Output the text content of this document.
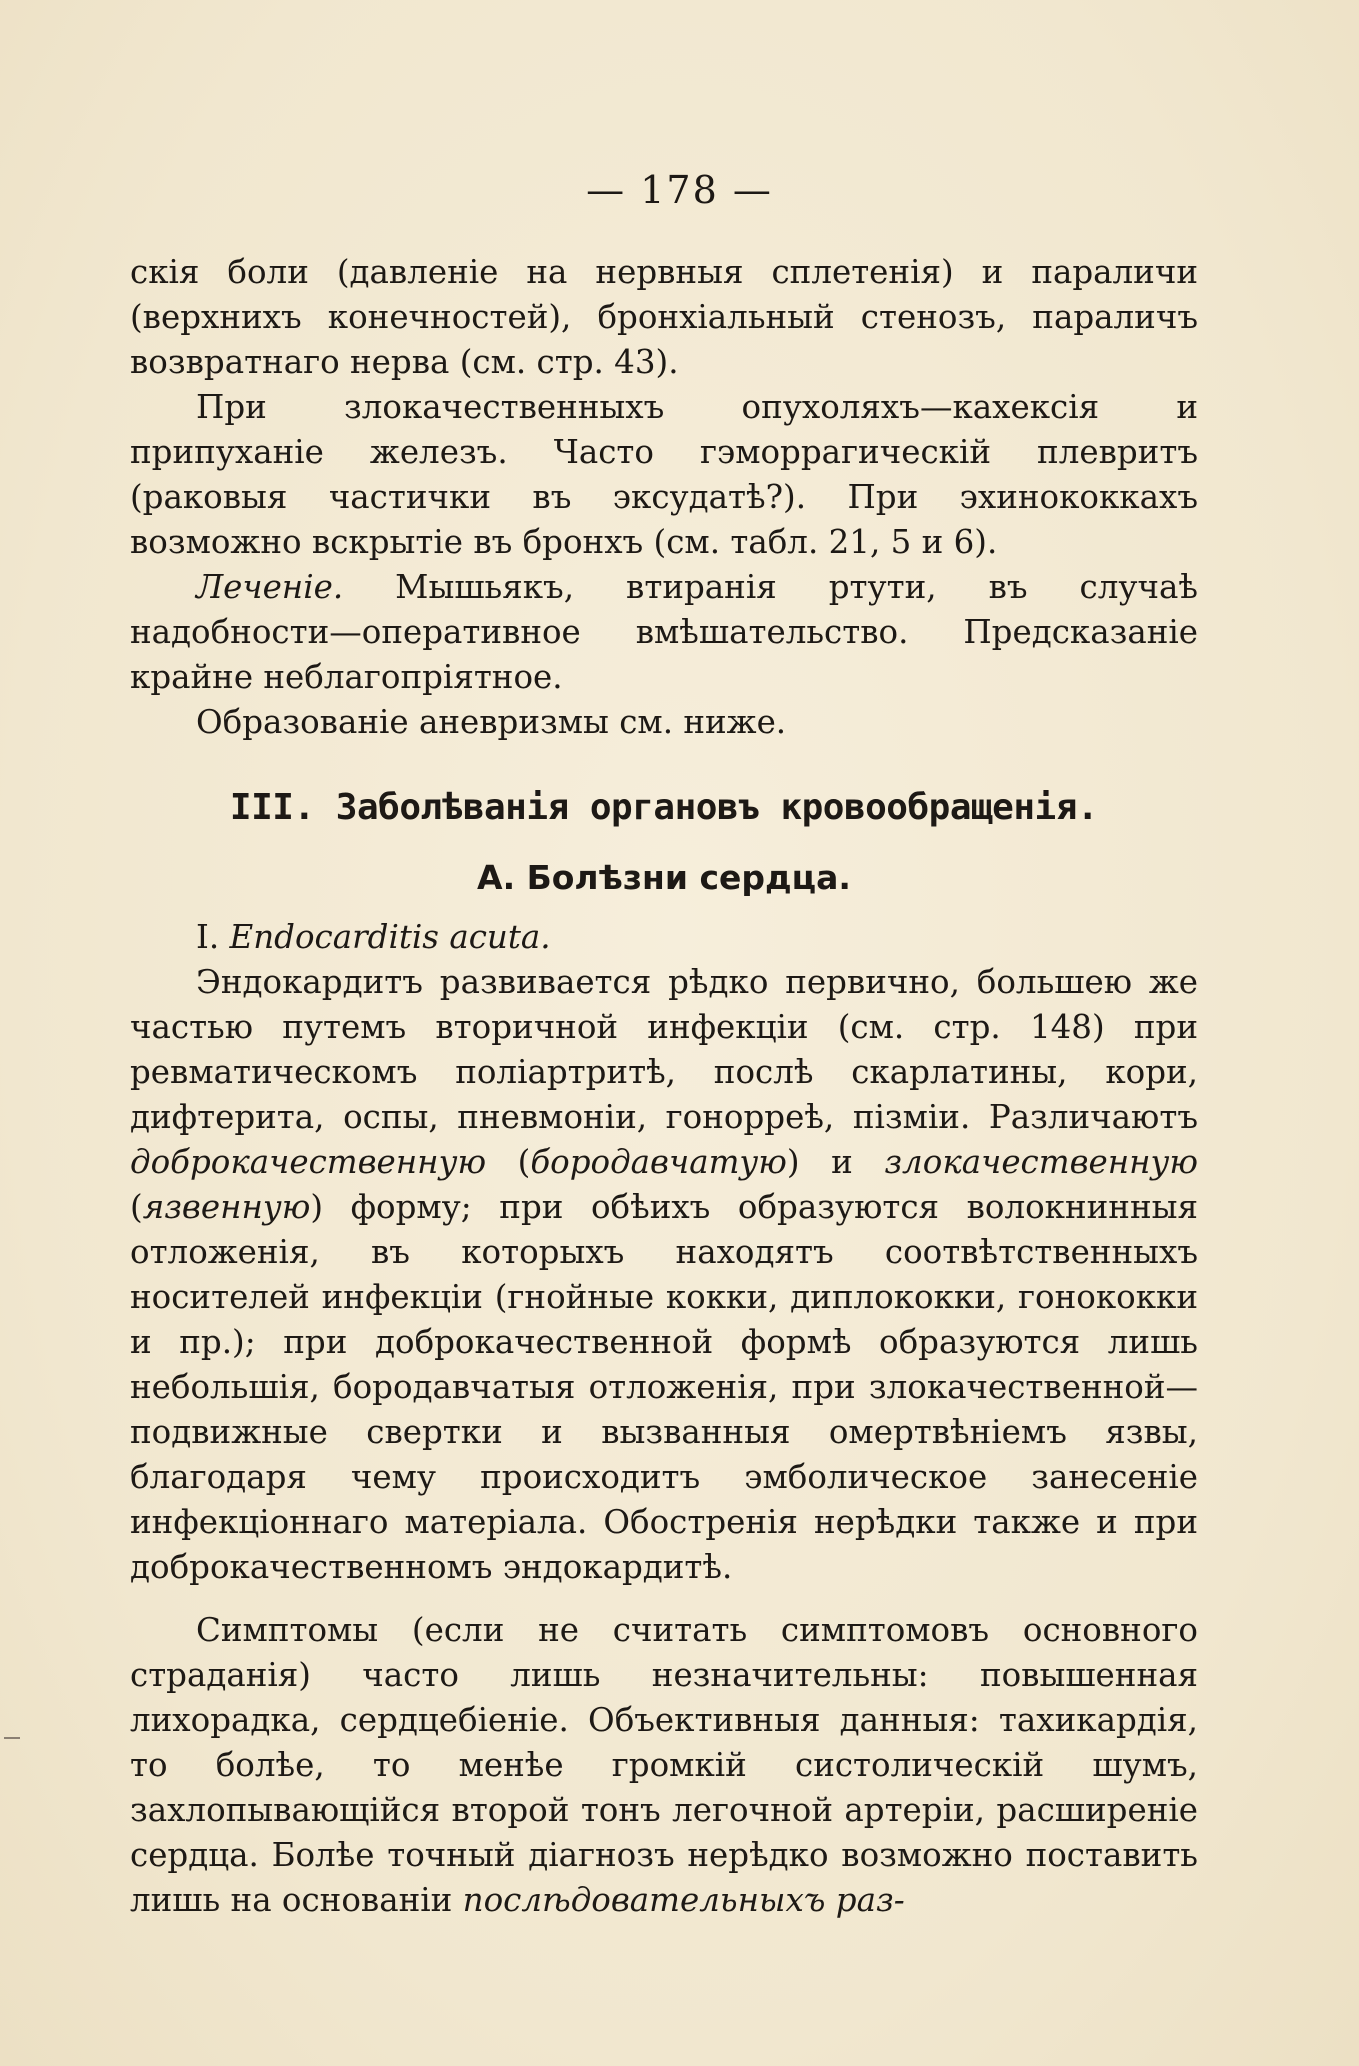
— 178 —

скія боли (давленіе на нервныя сплетенія) и параличи (верхнихъ конечностей), бронхіальный стенозъ, параличъ возвратнаго нерва (см. стр. 43).

При злокачественныхъ опухоляхъ—кахексія и припуханіе железъ. Часто гэморрагическій плевритъ (раковыя частички въ эксудатѣ?). При эхинококкахъ возможно вскрытіе въ бронхъ (см. табл. 21, 5 и 6).

Леченіе. Мышьякъ, втиранія ртути, въ случаѣ надобности—оперативное вмѣшательство. Предсказаніе крайне неблагопріятное.

Образованіе аневризмы см. ниже.

III. Заболѣванія органовъ кровообращенія.
А. Болѣзни сердца.

I. Endocarditis acuta.

Эндокардитъ развивается рѣдко первично, большею же частью путемъ вторичной инфекціи (см. стр. 148) при ревматическомъ поліартритѣ, послѣ скарлатины, кори, дифтерита, оспы, пневмоніи, гонорреѣ, пізміи. Различаютъ доброкачественную (бородавчатую) и злокачественную (язвенную) форму; при обѣихъ образуются волокнинныя отложенія, въ которыхъ находятъ соотвѣтственныхъ носителей инфекціи (гнойные кокки, диплококки, гонококки и пр.); при доброкачественной формѣ образуются лишь небольшія, бородавчатыя отложенія, при злокачественной—подвижные свертки и вызванныя омертвѣніемъ язвы, благодаря чему происходитъ эмболическое занесеніе инфекціоннаго матеріала. Обостренія нерѣдки также и при доброкачественномъ эндокардитѣ.

Симптомы (если не считать симптомовъ основного страданія) часто лишь незначительны: повышенная лихорадка, сердцебіеніе. Объективныя данныя: тахикардія, то болѣе, то менѣе громкій систолическій шумъ, захлопывающійся второй тонъ легочной артеріи, расширеніе сердца. Болѣе точный діагнозъ нерѣдко возможно поставить лишь на основаніи послѣдовательныхъ раз-
